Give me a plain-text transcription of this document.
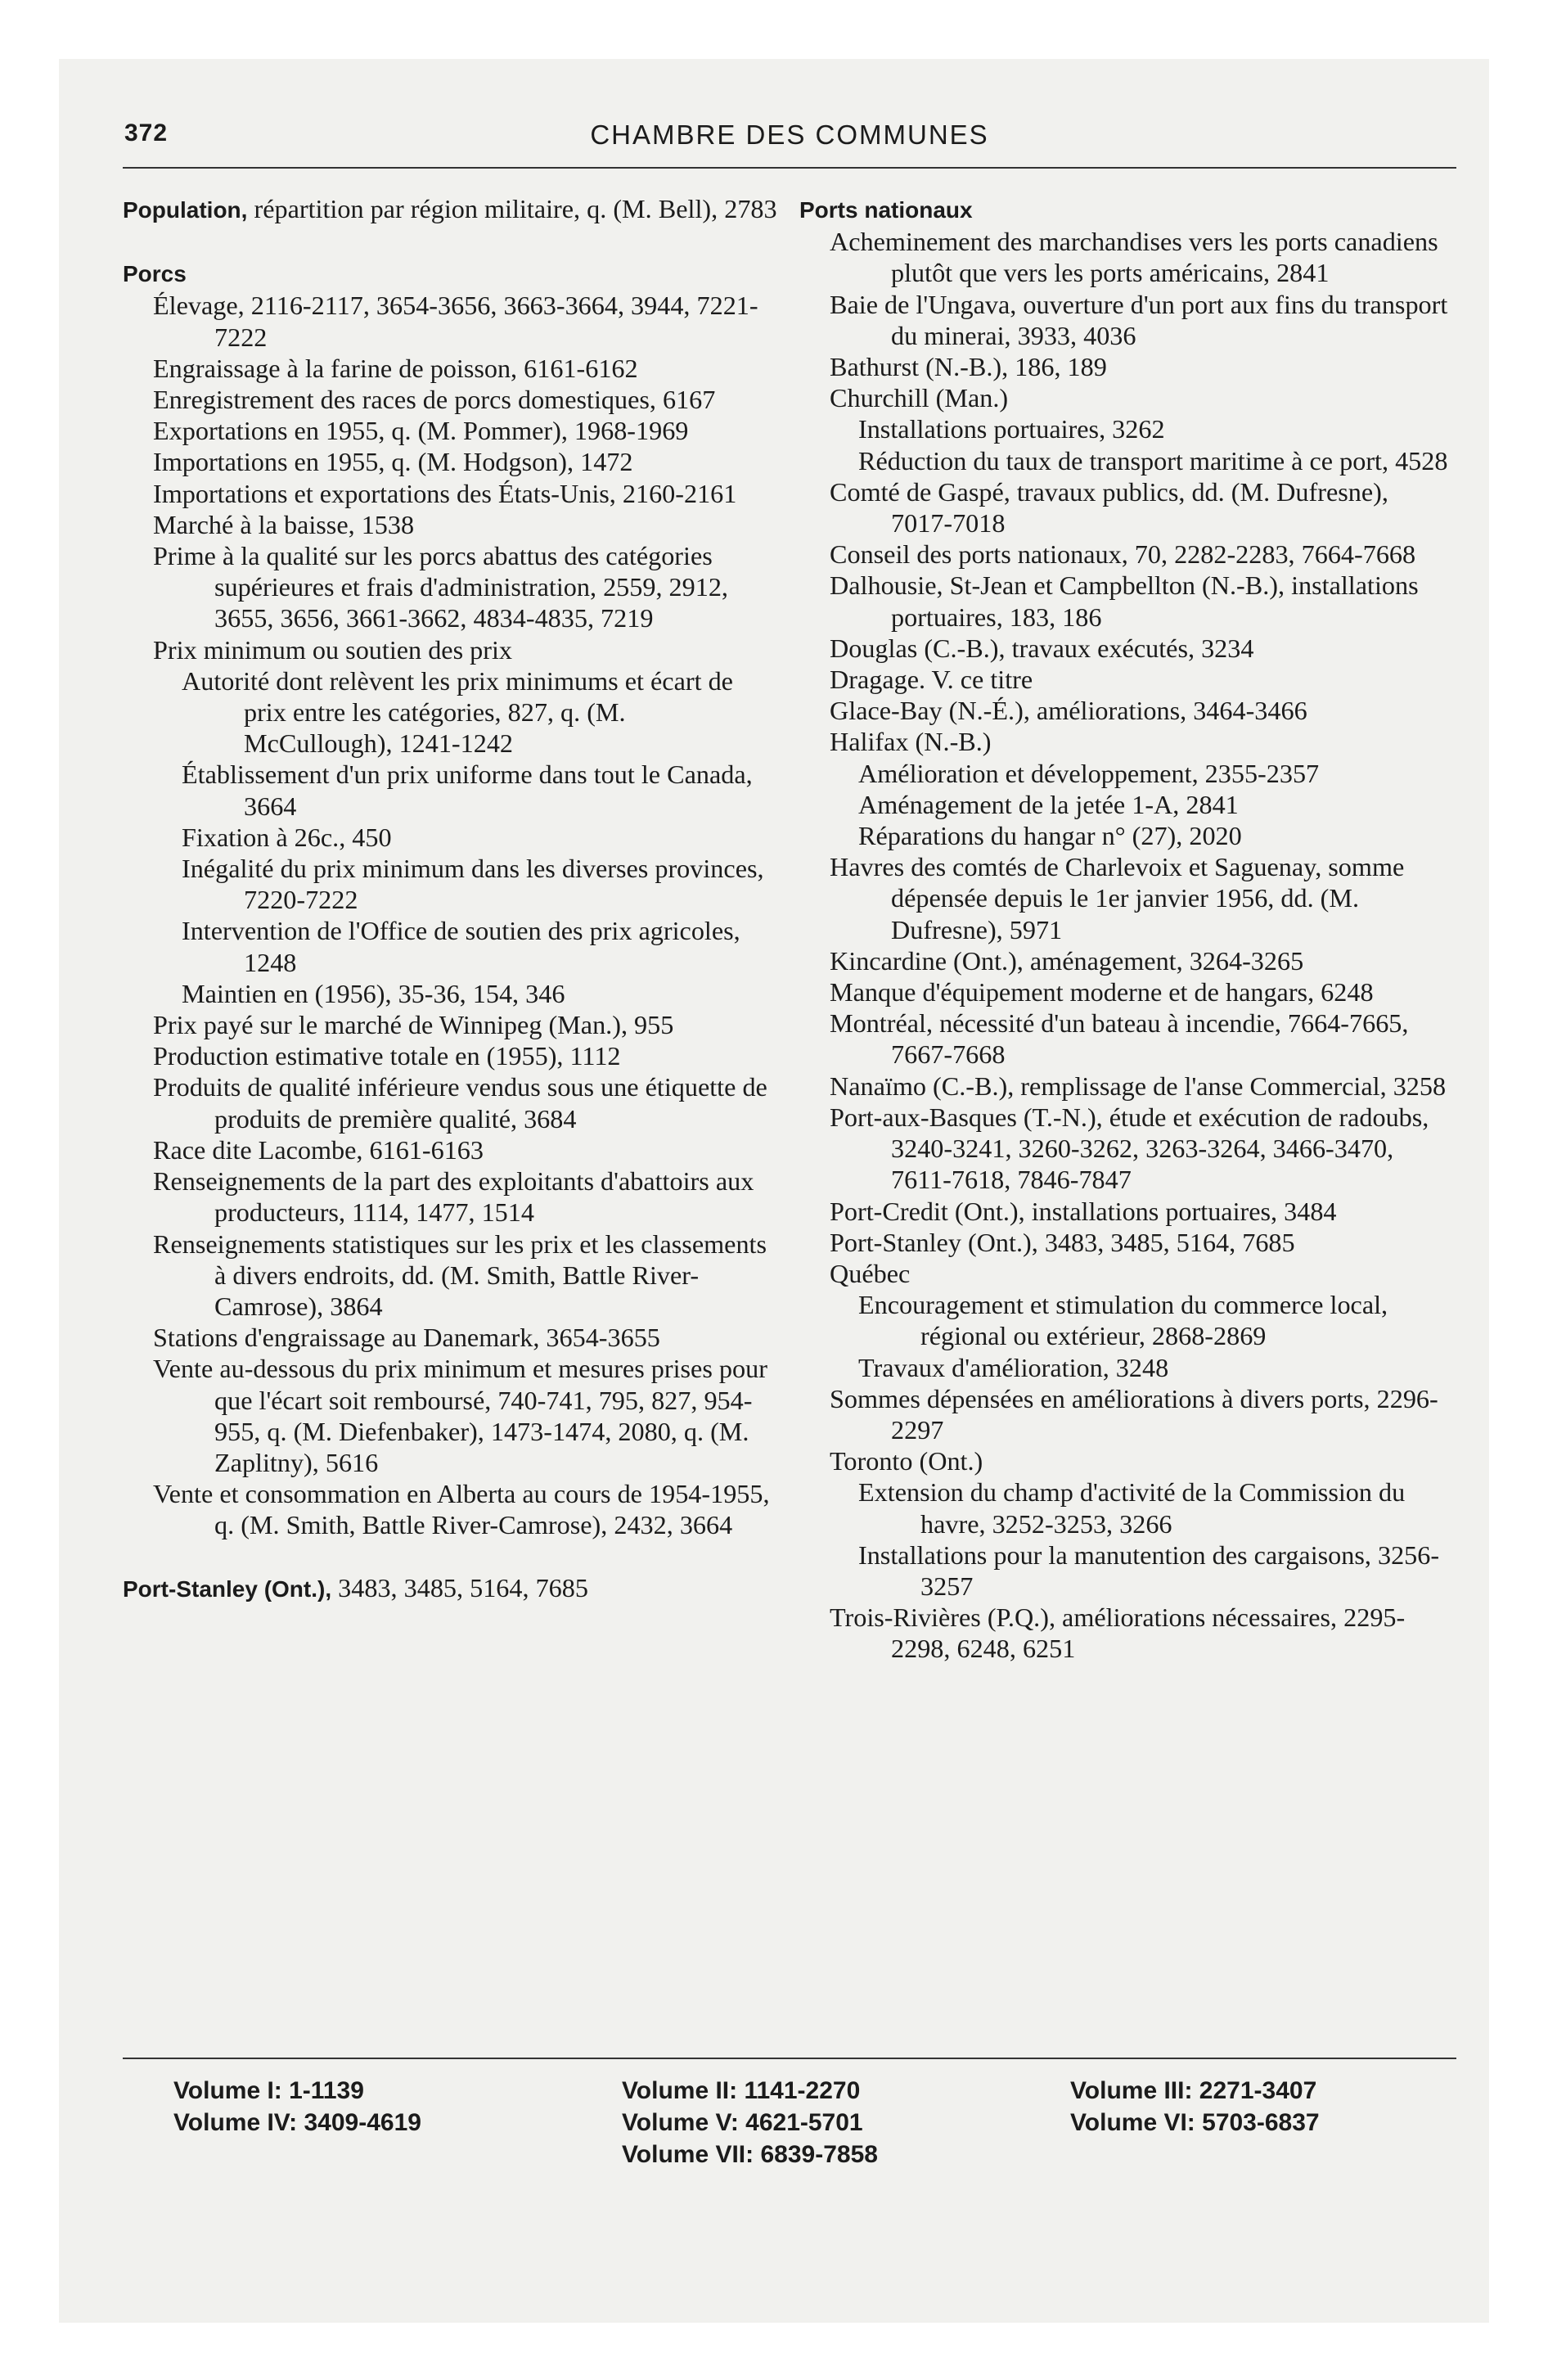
372	CHAMBRE DES COMMUNES

Population, répartition par région militaire, q. (M. Bell), 2783

Porcs

Élevage, 2116-2117, 3654-3656, 3663-3664, 3944, 7221-7222

Engraissage à la farine de poisson, 6161-6162

Enregistrement des races de porcs domestiques, 6167

Exportations en 1955, q. (M. Pommer), 1968-1969

Importations en 1955, q. (M. Hodgson), 1472

Importations et exportations des États-Unis, 2160-2161

Marché à la baisse, 1538

Prime à la qualité sur les porcs abattus des catégories supérieures et frais d'administration, 2559, 2912, 3655, 3656, 3661-3662, 4834-4835, 7219

Prix minimum ou soutien des prix

Autorité dont relèvent les prix minimums et écart de prix entre les catégories, 827, q. (M. McCullough), 1241-1242

Établissement d'un prix uniforme dans tout le Canada, 3664

Fixation à 26c., 450

Inégalité du prix minimum dans les diverses provinces, 7220-7222

Intervention de l'Office de soutien des prix agricoles, 1248

Maintien en (1956), 35-36, 154, 346

Prix payé sur le marché de Winnipeg (Man.), 955

Production estimative totale en (1955), 1112

Produits de qualité inférieure vendus sous une étiquette de produits de première qualité, 3684

Race dite Lacombe, 6161-6163

Renseignements de la part des exploitants d'abattoirs aux producteurs, 1114, 1477, 1514

Renseignements statistiques sur les prix et les classements à divers endroits, dd. (M. Smith, Battle River-Camrose), 3864

Stations d'engraissage au Danemark, 3654-3655

Vente au-dessous du prix minimum et mesures prises pour que l'écart soit remboursé, 740-741, 795, 827, 954-955, q. (M. Diefenbaker), 1473-1474, 2080, q. (M. Zaplitny), 5616

Vente et consommation en Alberta au cours de 1954-1955, q. (M. Smith, Battle River-Camrose), 2432, 3664

Port-Stanley (Ont.), 3483, 3485, 5164, 7685

Ports nationaux

Acheminement des marchandises vers les ports canadiens plutôt que vers les ports américains, 2841

Baie de l'Ungava, ouverture d'un port aux fins du transport du minerai, 3933, 4036

Bathurst (N.-B.), 186, 189

Churchill (Man.)

Installations portuaires, 3262

Réduction du taux de transport maritime à ce port, 4528

Comté de Gaspé, travaux publics, dd. (M. Dufresne), 7017-7018

Conseil des ports nationaux, 70, 2282-2283, 7664-7668

Dalhousie, St-Jean et Campbellton (N.-B.), installations portuaires, 183, 186

Douglas (C.-B.), travaux exécutés, 3234

Dragage. V. ce titre

Glace-Bay (N.-É.), améliorations, 3464-3466

Halifax (N.-B.)

Amélioration et développement, 2355-2357

Aménagement de la jetée 1-A, 2841

Réparations du hangar n° (27), 2020

Havres des comtés de Charlevoix et Saguenay, somme dépensée depuis le 1er janvier 1956, dd. (M. Dufresne), 5971

Kincardine (Ont.), aménagement, 3264-3265

Manque d'équipement moderne et de hangars, 6248

Montréal, nécessité d'un bateau à incendie, 7664-7665, 7667-7668

Nanaïmo (C.-B.), remplissage de l'anse Commercial, 3258

Port-aux-Basques (T.-N.), étude et exécution de radoubs, 3240-3241, 3260-3262, 3263-3264, 3466-3470, 7611-7618, 7846-7847

Port-Credit (Ont.), installations portuaires, 3484

Port-Stanley (Ont.), 3483, 3485, 5164, 7685

Québec

Encouragement et stimulation du commerce local, régional ou extérieur, 2868-2869

Travaux d'amélioration, 3248

Sommes dépensées en améliorations à divers ports, 2296-2297

Toronto (Ont.)

Extension du champ d'activité de la Commission du havre, 3252-3253, 3266

Installations pour la manutention des cargaisons, 3256-3257

Trois-Rivières (P.Q.), améliorations nécessaires, 2295-2298, 6248, 6251

Volume I: 1-1139
Volume IV: 3409-4619
Volume II: 1141-2270
Volume V: 4621-5701
Volume VII: 6839-7858
Volume III: 2271-3407
Volume VI: 5703-6837
